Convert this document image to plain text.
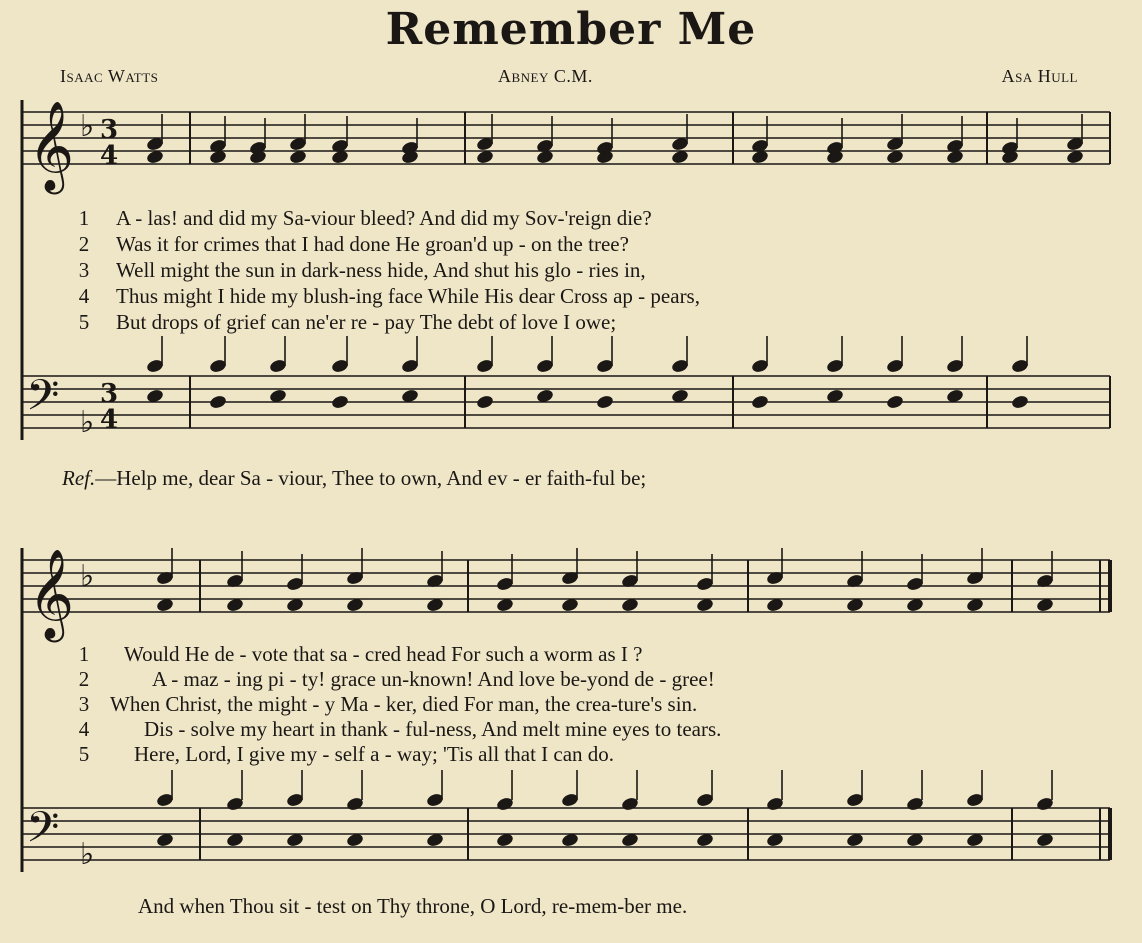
Remember Me
Isaac Watts	Abney C.M.	Asa Hull
𝄞 ♭ 3
4
𝄢 ♭
3
4
𝄞 ♭
𝄢 ♭
1	A - las! and did my Sa-viour bleed? And did my Sov-'reign die?
2	Was it for crimes that I had done He groan'd up - on the tree?
3	Well might the sun in dark-ness hide, And shut his glo - ries in,
4	Thus might I hide my blush-ing face While His dear Cross ap - pears,
5	But drops of grief can ne'er re - pay The debt of love I owe;
Ref.—Help me, dear Sa - viour, Thee to own, And ev - er faith-ful be;
1	Would He de - vote that sa - cred head For such a worm as I ?
2	A - maz - ing pi - ty! grace un-known! And love be-yond de - gree!
3 When Christ, the might - y Ma - ker, died For man, the crea-ture's sin.
4	Dis - solve my heart in thank - ful-ness, And melt mine eyes to tears.
5	Here, Lord, I give my - self a - way; 'Tis all that I can do.
And when Thou sit - test on Thy throne, O Lord, re-mem-ber me.
